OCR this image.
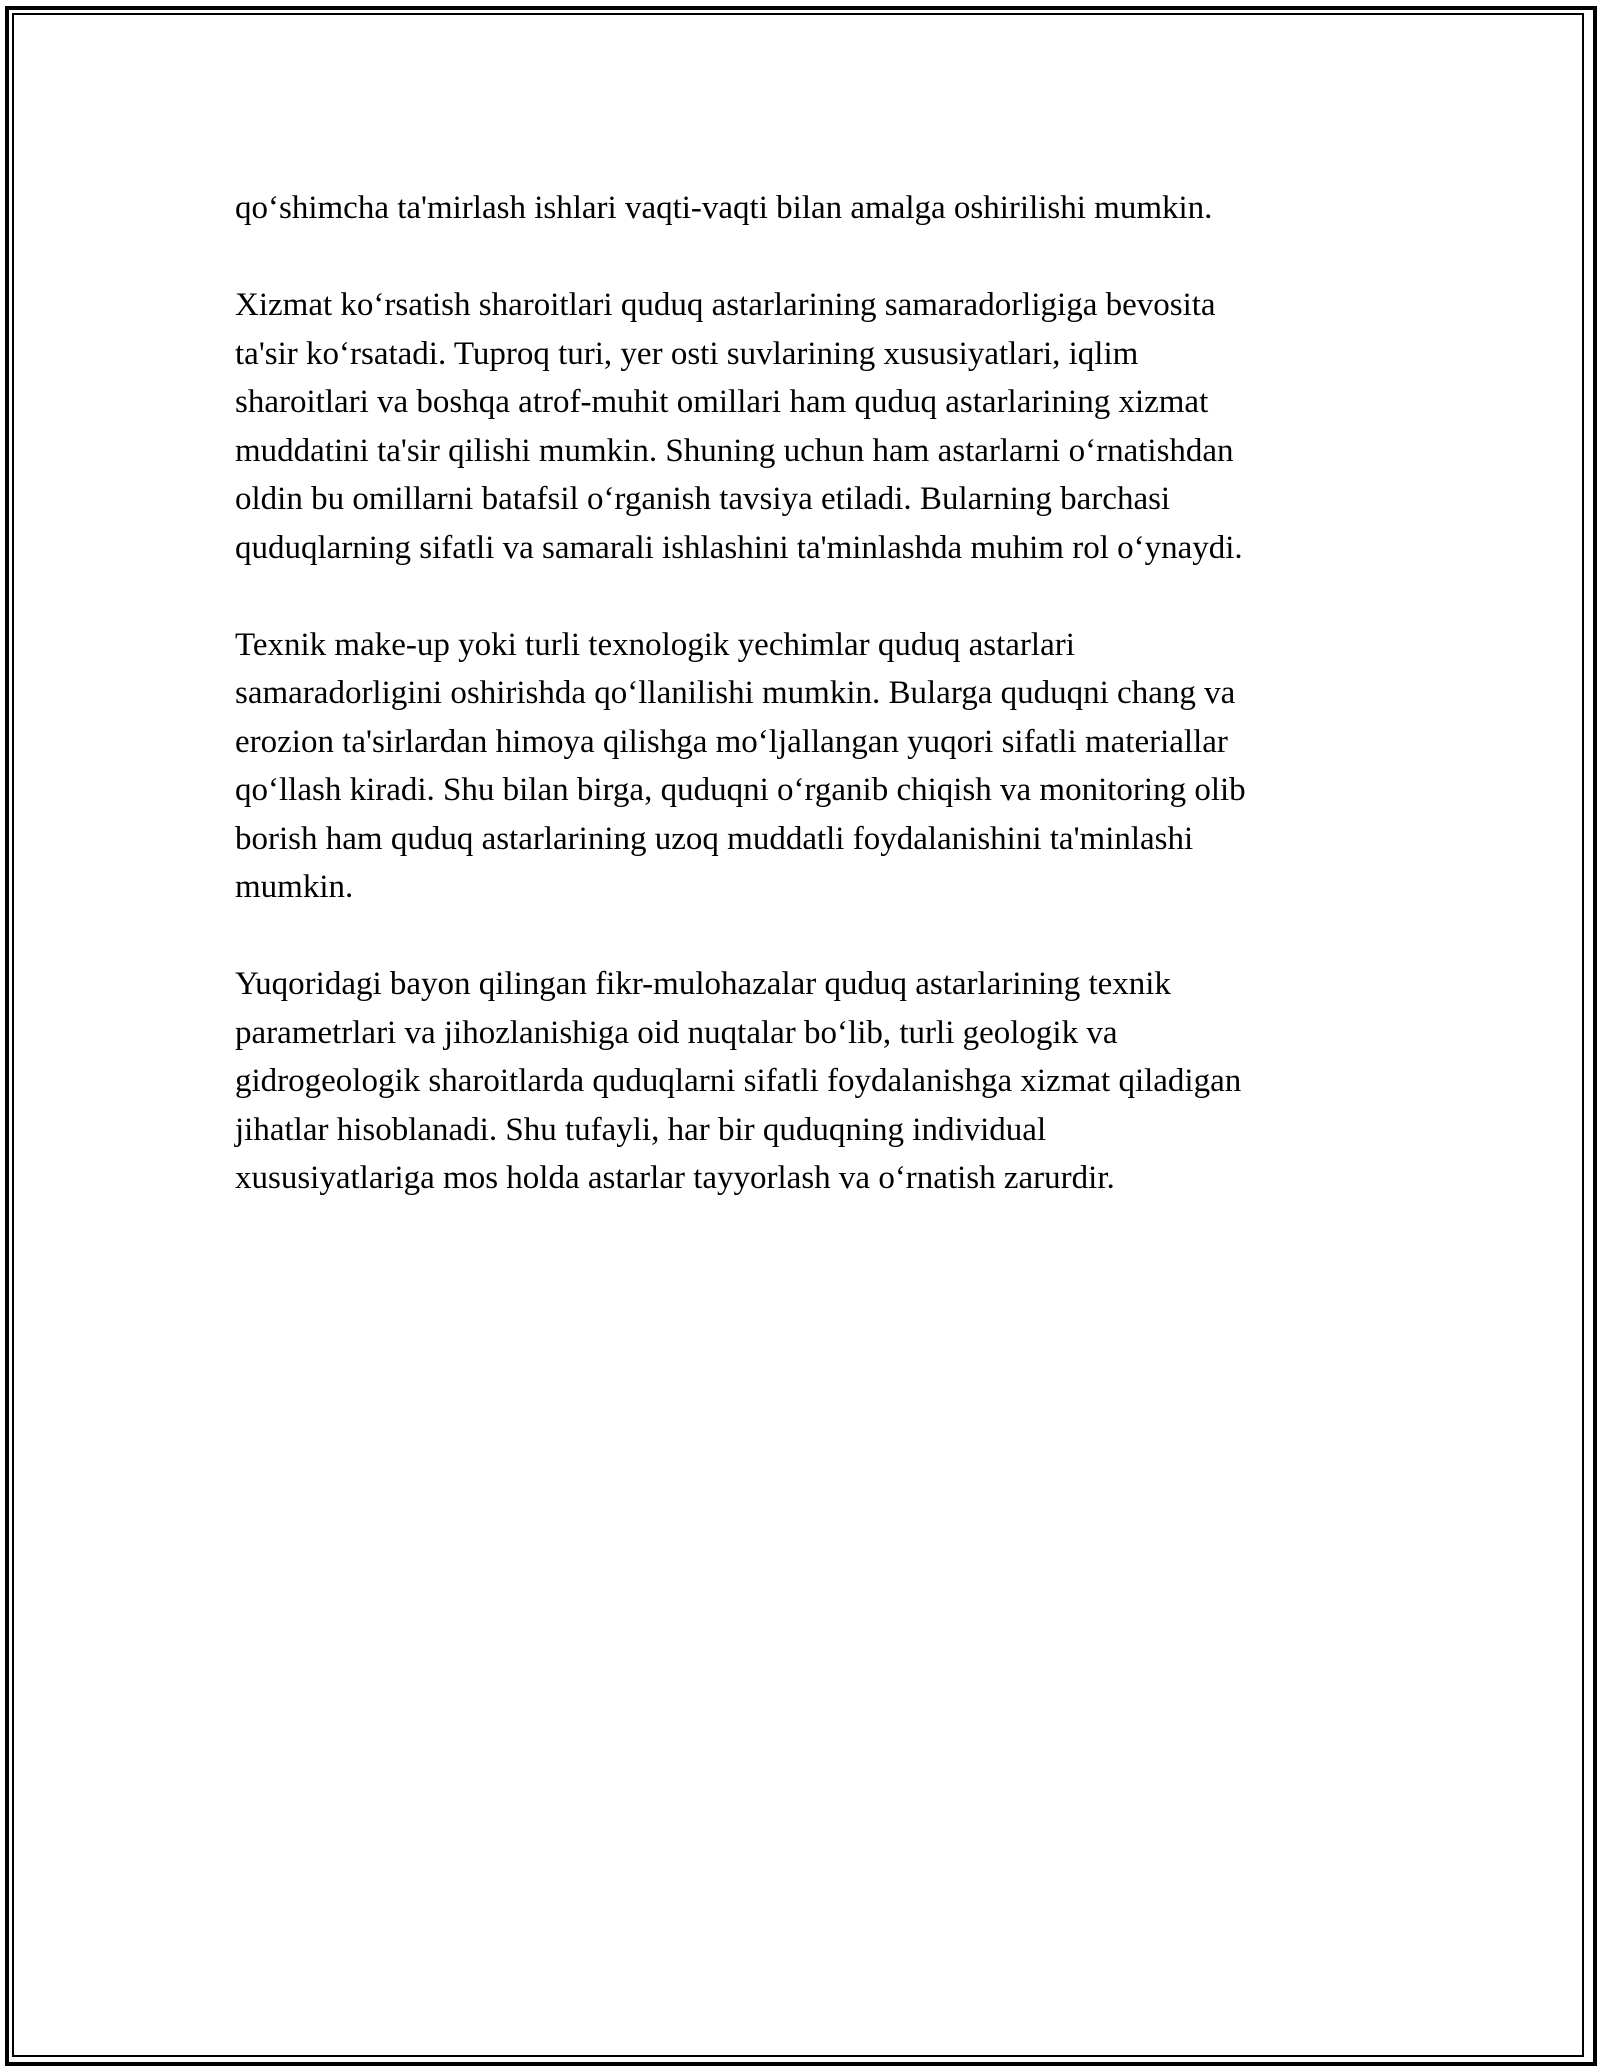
qo‘shimcha ta'mirlash ishlari vaqti-vaqti bilan amalga oshirilishi mumkin.

Xizmat ko‘rsatish sharoitlari quduq astarlarining samaradorligiga bevosita
ta'sir ko‘rsatadi. Tuproq turi, yer osti suvlarining xususiyatlari, iqlim
sharoitlari va boshqa atrof-muhit omillari ham quduq astarlarining xizmat
muddatini ta'sir qilishi mumkin. Shuning uchun ham astarlarni o‘rnatishdan
oldin bu omillarni batafsil o‘rganish tavsiya etiladi. Bularning barchasi
quduqlarning sifatli va samarali ishlashini ta'minlashda muhim rol o‘ynaydi.

Texnik make-up yoki turli texnologik yechimlar quduq astarlari
samaradorligini oshirishda qo‘llanilishi mumkin. Bularga quduqni chang va
erozion ta'sirlardan himoya qilishga mo‘ljallangan yuqori sifatli materiallar
qo‘llash kiradi. Shu bilan birga, quduqni o‘rganib chiqish va monitoring olib
borish ham quduq astarlarining uzoq muddatli foydalanishini ta'minlashi
mumkin.

Yuqoridagi bayon qilingan fikr-mulohazalar quduq astarlarining texnik
parametrlari va jihozlanishiga oid nuqtalar bo‘lib, turli geologik va
gidrogeologik sharoitlarda quduqlarni sifatli foydalanishga xizmat qiladigan
jihatlar hisoblanadi. Shu tufayli, har bir quduqning individual
xususiyatlariga mos holda astarlar tayyorlash va o‘rnatish zarurdir.
